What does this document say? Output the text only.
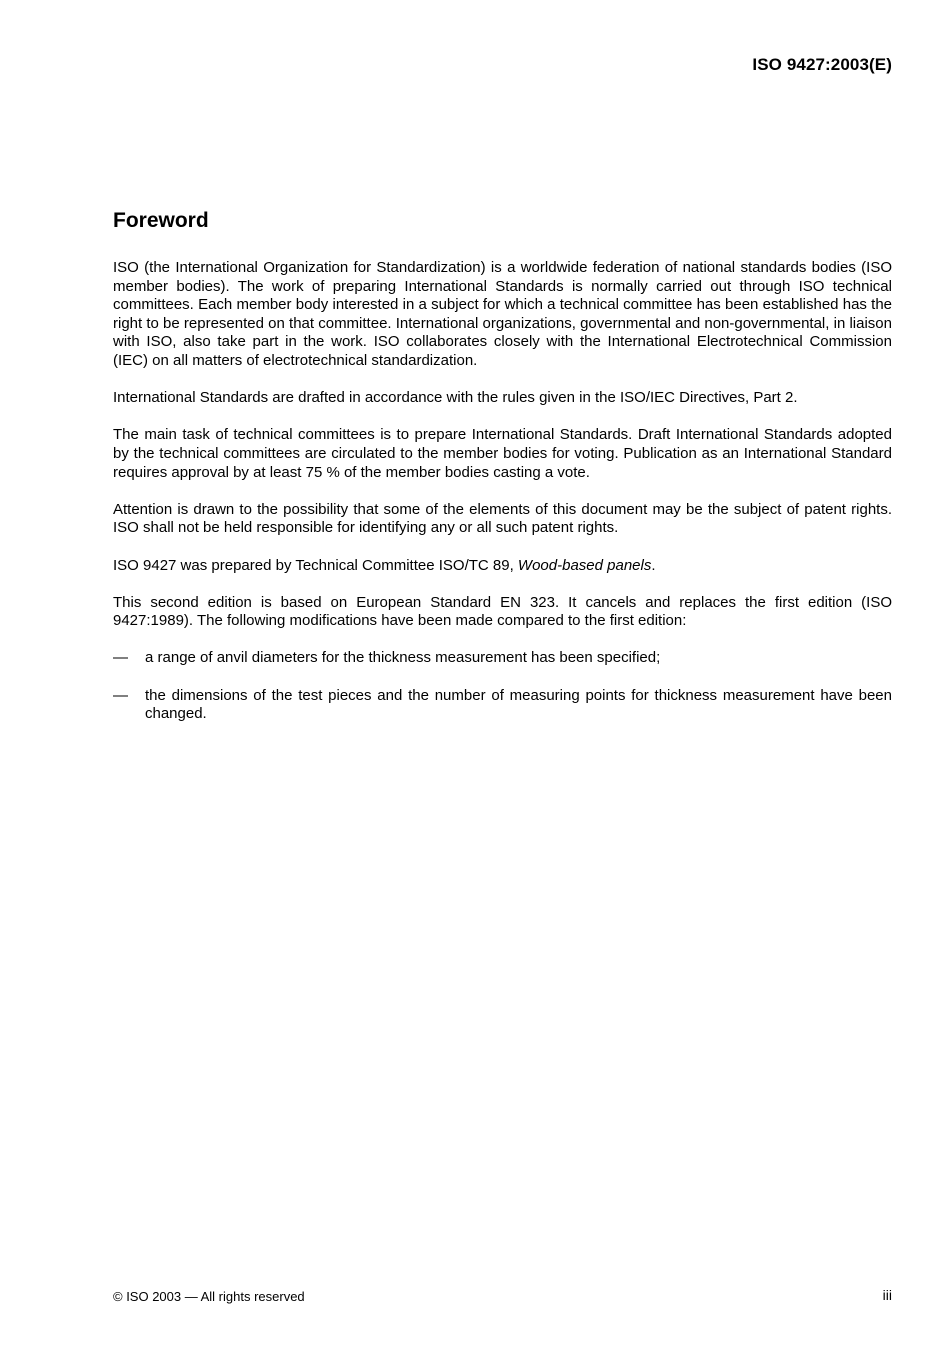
ISO 9427:2003(E)
Foreword

ISO (the International Organization for Standardization) is a worldwide federation of national standards bodies (ISO member bodies). The work of preparing International Standards is normally carried out through ISO technical committees. Each member body interested in a subject for which a technical committee has been established has the right to be represented on that committee. International organizations, governmental and non-governmental, in liaison with ISO, also take part in the work. ISO collaborates closely with the International Electrotechnical Commission (IEC) on all matters of electrotechnical standardization.

International Standards are drafted in accordance with the rules given in the ISO/IEC Directives, Part 2.

The main task of technical committees is to prepare International Standards. Draft International Standards adopted by the technical committees are circulated to the member bodies for voting. Publication as an International Standard requires approval by at least 75 % of the member bodies casting a vote.

Attention is drawn to the possibility that some of the elements of this document may be the subject of patent rights. ISO shall not be held responsible for identifying any or all such patent rights.

ISO 9427 was prepared by Technical Committee ISO/TC 89, Wood-based panels.

This second edition is based on European Standard EN 323. It cancels and replaces the first edition (ISO 9427:1989). The following modifications have been made compared to the first edition:

—	a range of anvil diameters for the thickness measurement has been specified;
—	the dimensions of the test pieces and the number of measuring points for thickness measurement have been changed.
© ISO 2003 — All rights reserved	iii
